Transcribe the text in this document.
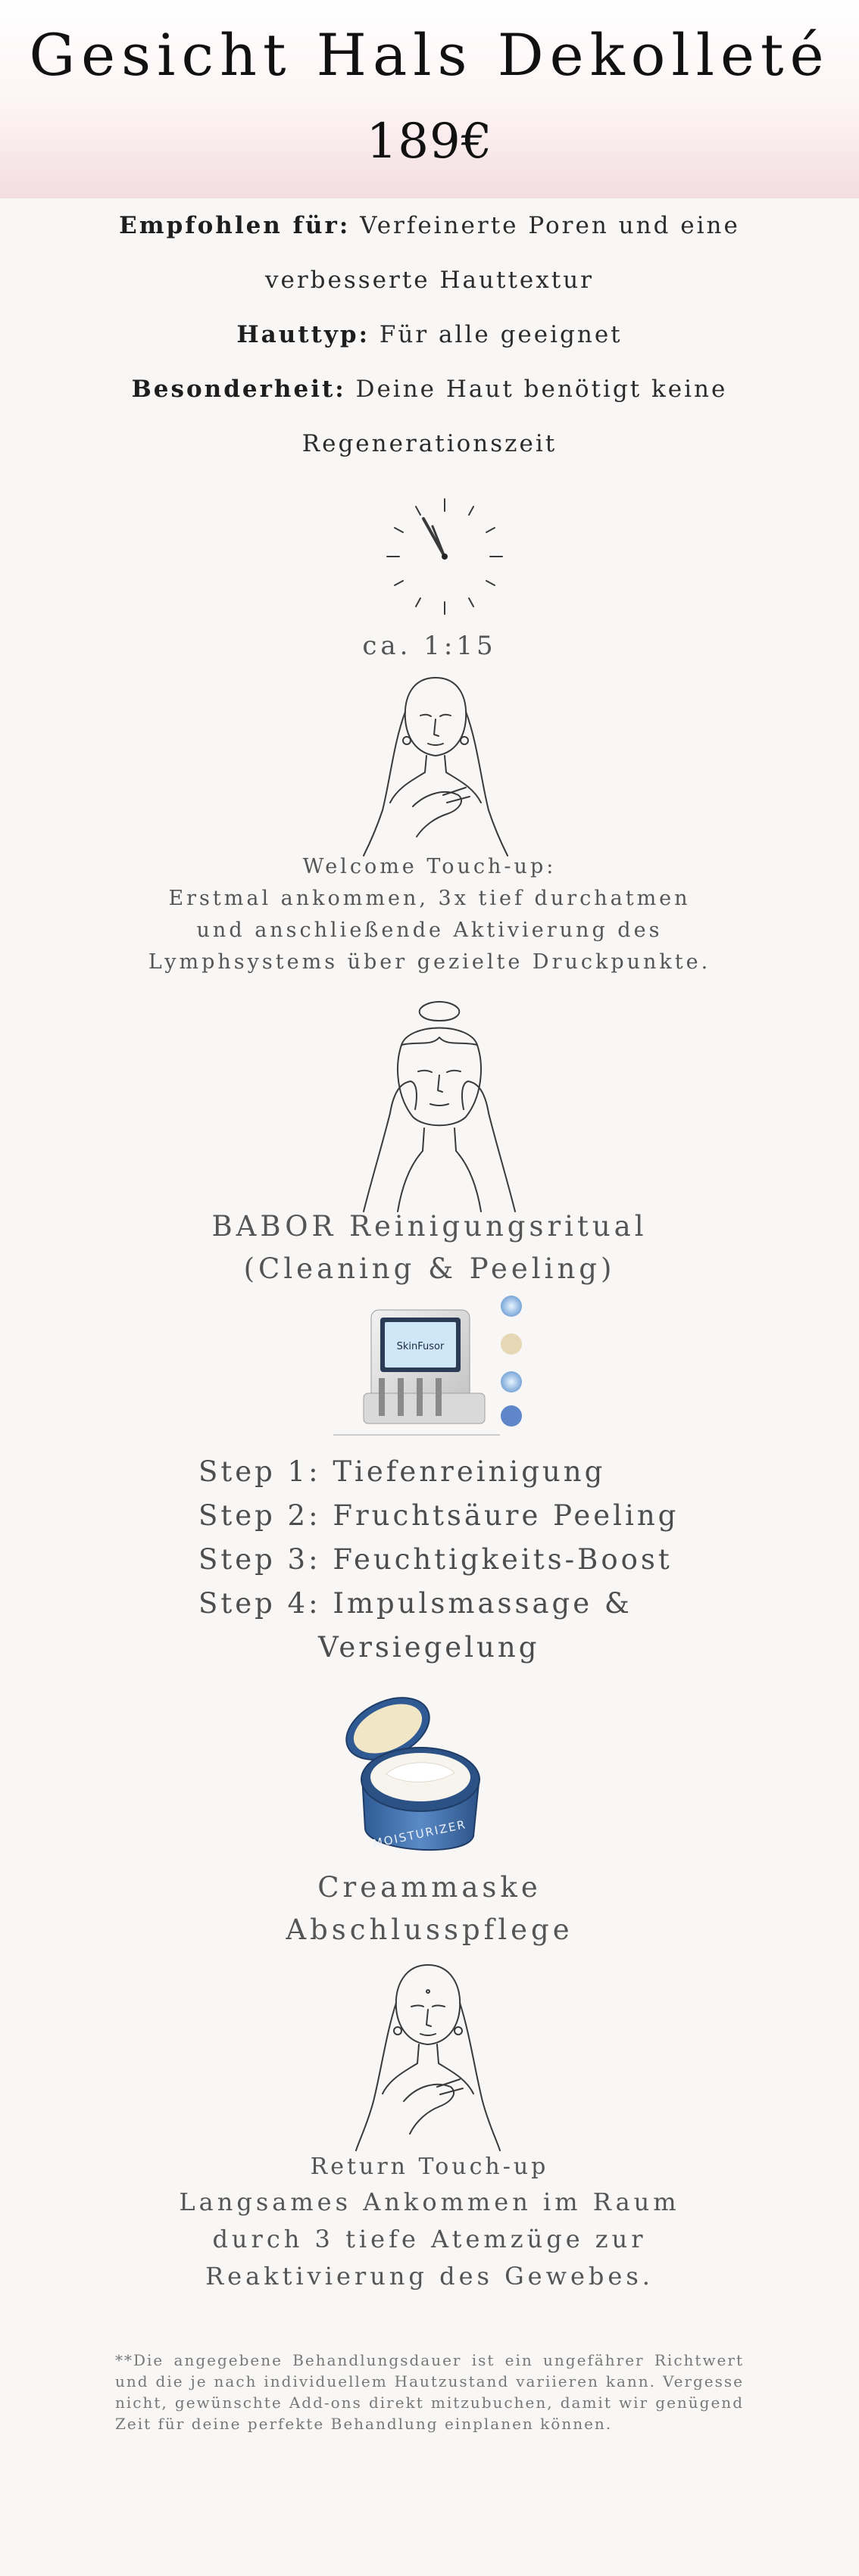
Gesicht Hals Dekolleté
189€
Empfohlen für: Verfeinerte Poren und eine verbesserte Hauttextur
Hauttyp: Für alle geeignet
Besonderheit: Deine Haut benötigt keine Regenerationszeit
ca. 1:15
Welcome Touch-up:
Erstmal ankommen, 3x tief durchatmen
und anschließende Aktivierung des
Lymphsystems über gezielte Druckpunkte.
BABOR Reinigungsritual
(Cleaning & Peeling)
SkinFusor
Step 1: Tiefenreinigung
Step 2: Fruchtsäure Peeling
Step 3: Feuchtigkeits-Boost
Step 4: Impulsmassage &
Versiegelung
MOISTURIZER
Creammaske
Abschlusspflege
Return Touch-up
Langsames Ankommen im Raum
durch 3 tiefe Atemzüge zur
Reaktivierung des Gewebes.
**Die angegebene Behandlungsdauer ist ein ungefährer Richtwert und die je nach individuellem Hautzustand variieren kann. Vergesse nicht, gewünschte Add-ons direkt mitzubuchen, damit wir genügend Zeit für deine perfekte Behandlung einplanen können.
